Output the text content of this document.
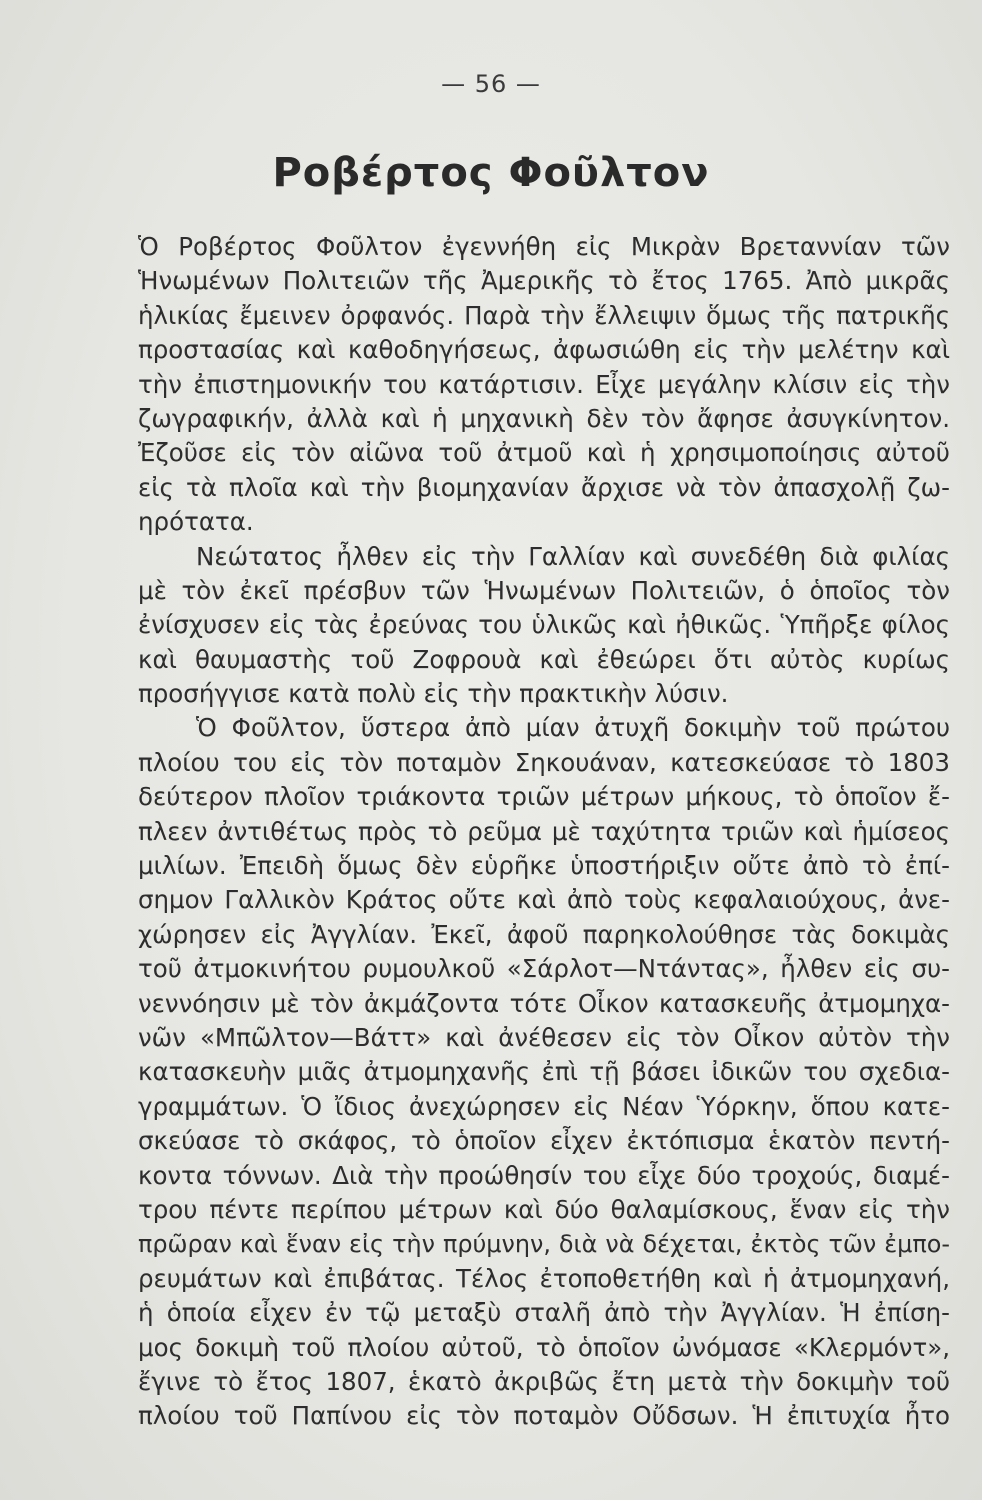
— 56 —
Ροβέρτος Φοῦλτον
Ὁ Ροβέρτος Φοῦλτον ἐγεννήθη εἰς Μικρὰν Βρεταννίαν τῶν
Ἡνωμένων Πολιτειῶν τῆς Ἀμερικῆς τὸ ἔτος 1765. Ἀπὸ μικρᾶς
ἡλικίας ἔμεινεν ὀρφανός. Παρὰ τὴν ἔλλειψιν ὅμως τῆς πατρικῆς
προστασίας καὶ καθοδηγήσεως, ἀφωσιώθη εἰς τὴν μελέτην καὶ
τὴν ἐπιστημονικήν του κατάρτισιν. Εἶχε μεγάλην κλίσιν εἰς τὴν
ζωγραφικήν, ἀλλὰ καὶ ἡ μηχανικὴ δὲν τὸν ἄφησε ἀσυγκίνητον.
Ἐζοῦσε εἰς τὸν αἰῶνα τοῦ ἀτμοῦ καὶ ἡ χρησιμοποίησις αὐτοῦ
εἰς τὰ πλοῖα καὶ τὴν βιομηχανίαν ἄρχισε νὰ τὸν ἀπασχολῇ ζω-
ηρότατα.
Νεώτατος ἦλθεν εἰς τὴν Γαλλίαν καὶ συνεδέθη διὰ φιλίας
μὲ τὸν ἐκεῖ πρέσβυν τῶν Ἡνωμένων Πολιτειῶν, ὁ ὁποῖος τὸν
ἐνίσχυσεν εἰς τὰς ἐρεύνας του ὑλικῶς καὶ ἠθικῶς. Ὑπῆρξε φίλος
καὶ θαυμαστὴς τοῦ Ζοφρουὰ καὶ ἐθεώρει ὅτι αὐτὸς κυρίως
προσήγγισε κατὰ πολὺ εἰς τὴν πρακτικὴν λύσιν.
Ὁ Φοῦλτον, ὕστερα ἀπὸ μίαν ἀτυχῆ δοκιμὴν τοῦ πρώτου
πλοίου του εἰς τὸν ποταμὸν Σηκουάναν, κατεσκεύασε τὸ 1803
δεύτερον πλοῖον τριάκοντα τριῶν μέτρων μήκους, τὸ ὁποῖον ἔ-
πλεεν ἀντιθέτως πρὸς τὸ ρεῦμα μὲ ταχύτητα τριῶν καὶ ἡμίσεος
μιλίων. Ἐπειδὴ ὅμως δὲν εὑρῆκε ὑποστήριξιν οὔτε ἀπὸ τὸ ἐπί-
σημον Γαλλικὸν Κράτος οὔτε καὶ ἀπὸ τοὺς κεφαλαιούχους, ἀνε-
χώρησεν εἰς Ἀγγλίαν. Ἐκεῖ, ἀφοῦ παρηκολούθησε τὰς δοκιμὰς
τοῦ ἀτμοκινήτου ρυμουλκοῦ «Σάρλοτ—Ντάντας», ἦλθεν εἰς συ-
νεννόησιν μὲ τὸν ἀκμάζοντα τότε Οἶκον κατασκευῆς ἀτμομηχα-
νῶν «Μπῶλτον—Βάττ» καὶ ἀνέθεσεν εἰς τὸν Οἶκον αὐτὸν τὴν
κατασκευὴν μιᾶς ἀτμομηχανῆς ἐπὶ τῇ βάσει ἰδικῶν του σχεδια-
γραμμάτων. Ὁ ἴδιος ἀνεχώρησεν εἰς Νέαν Ὑόρκην, ὅπου κατε-
σκεύασε τὸ σκάφος, τὸ ὁποῖον εἶχεν ἐκτόπισμα ἑκατὸν πεντή-
κοντα τόννων. Διὰ τὴν προώθησίν του εἶχε δύο τροχούς, διαμέ-
τρου πέντε περίπου μέτρων καὶ δύο θαλαμίσκους, ἕναν εἰς τὴν
πρῶραν καὶ ἕναν εἰς τὴν πρύμνην, διὰ νὰ δέχεται, ἐκτὸς τῶν ἐμπο-
ρευμάτων καὶ ἐπιβάτας. Τέλος ἐτοποθετήθη καὶ ἡ ἀτμομηχανή,
ἡ ὁποία εἶχεν ἐν τῷ μεταξὺ σταλῆ ἀπὸ τὴν Ἀγγλίαν. Ἡ ἐπίση-
μος δοκιμὴ τοῦ πλοίου αὐτοῦ, τὸ ὁποῖον ὠνόμασε «Κλερμόντ»,
ἔγινε τὸ ἔτος 1807, ἑκατὸ ἀκριβῶς ἔτη μετὰ τὴν δοκιμὴν τοῦ
πλοίου τοῦ Παπίνου εἰς τὸν ποταμὸν Οὔδσων. Ἡ ἐπιτυχία ἦτο
